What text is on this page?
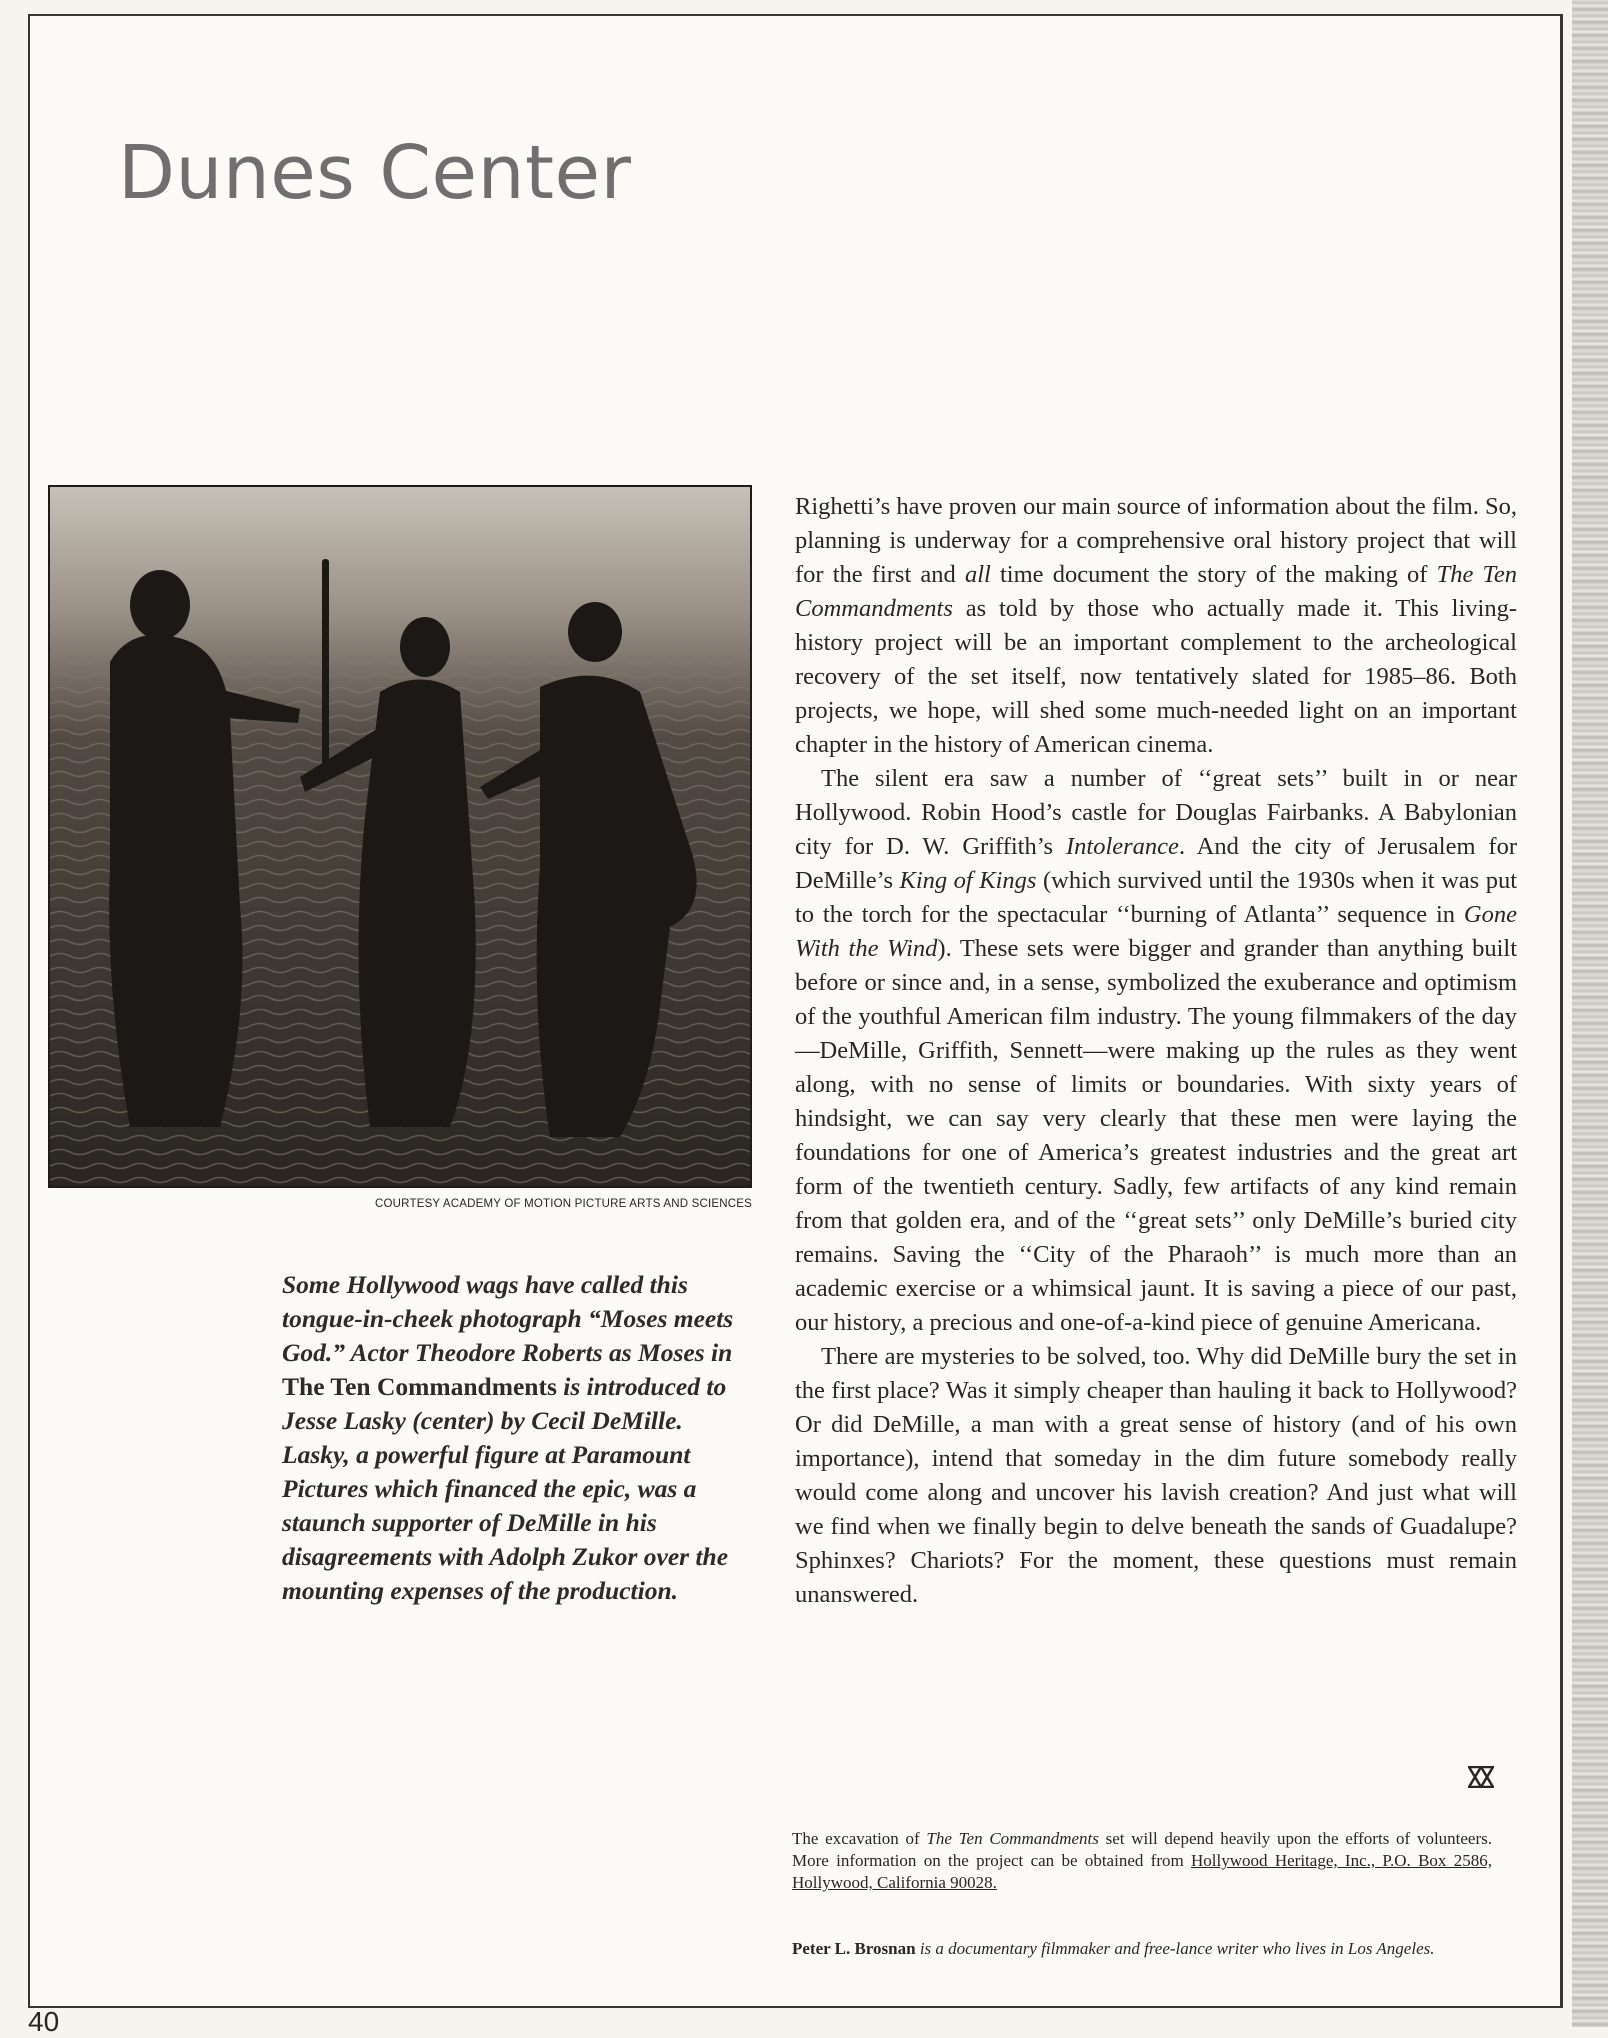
Dunes Center
COURTESY ACADEMY OF MOTION PICTURE ARTS AND SCIENCES
Some Hollywood wags have called this tongue-in-cheek photograph “Moses meets God.” Actor Theodore Roberts as Moses in The Ten Commandments is introduced to Jesse Lasky (center) by Cecil DeMille. Lasky, a powerful figure at Paramount Pictures which financed the epic, was a staunch supporter of DeMille in his disagreements with Adolph Zukor over the mounting expenses of the production.

Righetti’s have proven our main source of information about the film. So, planning is underway for a comprehensive oral history project that will for the first and all time document the story of the making of The Ten Commandments as told by those who actually made it. This living-history project will be an important complement to the archeological recovery of the set itself, now tentatively slated for 1985–86. Both projects, we hope, will shed some much-needed light on an important chapter in the history of American cinema.

The silent era saw a number of ‘‘great sets’’ built in or near Hollywood. Robin Hood’s castle for Douglas Fairbanks. A Babylonian city for D. W. Griffith’s Intolerance. And the city of Jerusalem for DeMille’s King of Kings (which survived until the 1930s when it was put to the torch for the spectacular ‘‘burning of Atlanta’’ sequence in Gone With the Wind). These sets were bigger and grander than anything built before or since and, in a sense, symbolized the exuberance and optimism of the youthful American film industry. The young filmmakers of the day—DeMille, Griffith, Sennett—were making up the rules as they went along, with no sense of limits or boundaries. With sixty years of hindsight, we can say very clearly that these men were laying the foundations for one of America’s greatest industries and the great art form of the twentieth century. Sadly, few artifacts of any kind remain from that golden era, and of the ‘‘great sets’’ only DeMille’s buried city remains. Saving the ‘‘City of the Pharaoh’’ is much more than an academic exercise or a whimsical jaunt. It is saving a piece of our past, our history, a precious and one-of-a-kind piece of genuine Americana.

There are mysteries to be solved, too. Why did DeMille bury the set in the first place? Was it simply cheaper than hauling it back to Hollywood? Or did DeMille, a man with a great sense of history (and of his own importance), intend that someday in the dim future somebody really would come along and uncover his lavish creation? And just what will we find when we finally begin to delve beneath the sands of Guadalupe? Sphinxes? Chariots? For the moment, these questions must remain unanswered.

The excavation of The Ten Commandments set will depend heavily upon the efforts of volunteers. More information on the project can be obtained from Hollywood Heritage, Inc., P.O. Box 2586, Hollywood, California 90028.
Peter L. Brosnan is a documentary filmmaker and free-lance writer who lives in Los Angeles.
40
